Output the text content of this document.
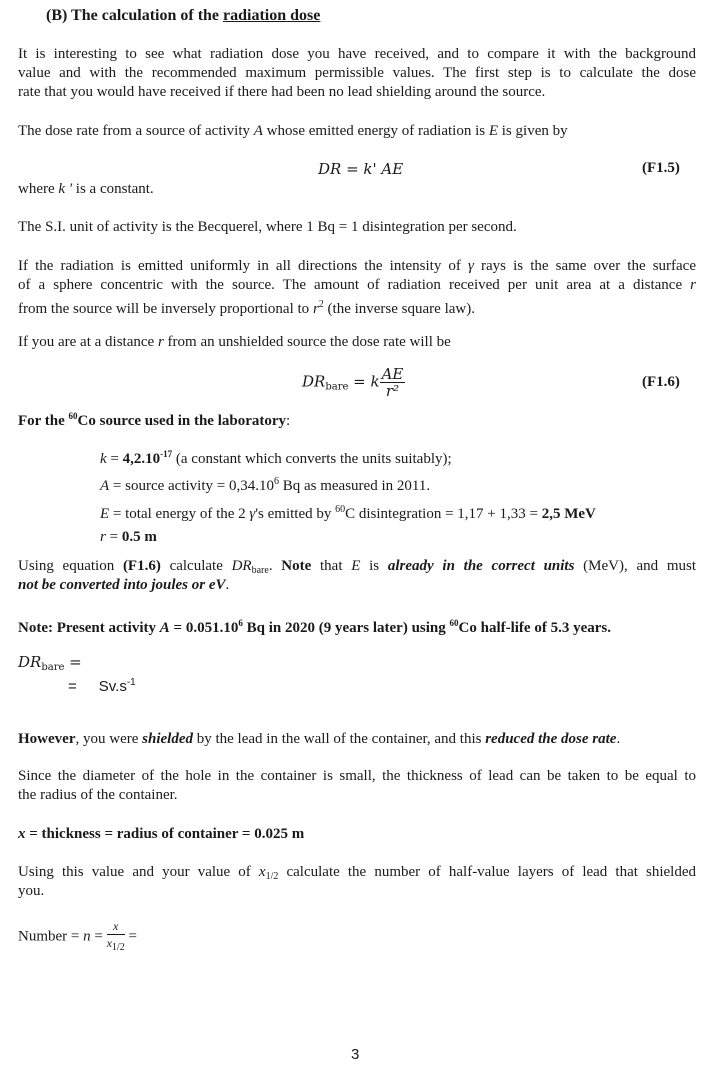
(B) The calculation of the radiation dose
It is interesting to see what radiation dose you have received, and to compare it with the background
value and with the recommended maximum permissible values. The first step is to calculate the dose
rate that you would have received if there had been no lead shielding around the source.
The dose rate from a source of activity A whose emitted energy of radiation is E is given by
DR = k' AE	(F1.5)
where k ' is a constant.
The S.I. unit of activity is the Becquerel, where 1 Bq = 1 disintegration per second.
If the radiation is emitted uniformly in all directions the intensity of γ rays is the same over the surface
of a sphere concentric with the source. The amount of radiation received per unit area at a distance r
from the source will be inversely proportional to $r^2$ (the inverse square law).
If you are at a distance r from an unshielded source the dose rate will be
$DR_{bare} = k \frac{AE}{\text{r²}}$	(F1.6)
For the $^{60}$Co source used in the laboratory:
$k = 4,2.10^{-17}$ (a constant which converts the units suitably);
A = source activity = $0,34.10^6$ Bq as measured in 2011.
E = total energy of the 2 γ's emitted by $^{60}$C disintegration = 1,17 + 1,33 = 2,5 MeV
r = 0.5 m
Using equation (F1.6) calculate $DR_{bare}$. Note that E is already in the correct units (MeV), and must
not be converted into joules or eV.
Note: Present activity $A = 0.051.10^6$ Bq in 2020 (9 years later) using $^{60}$Co half-life of 5.3 years.
$DR_{bare}$ =
= $Sv.s^{-1}$
However, you were shielded by the lead in the wall of the container, and this reduced the dose rate.
Since the diameter of the hole in the container is small, the thickness of lead can be taken to be equal to
the radius of the container.
x = thickness = radius of container = 0.025 m
Using this value and your value of $x_{1/2}$ calculate the number of half-value layers of lead that shielded
you.
Number = $n = \frac{x}{x_{1/2}}$ =
3
